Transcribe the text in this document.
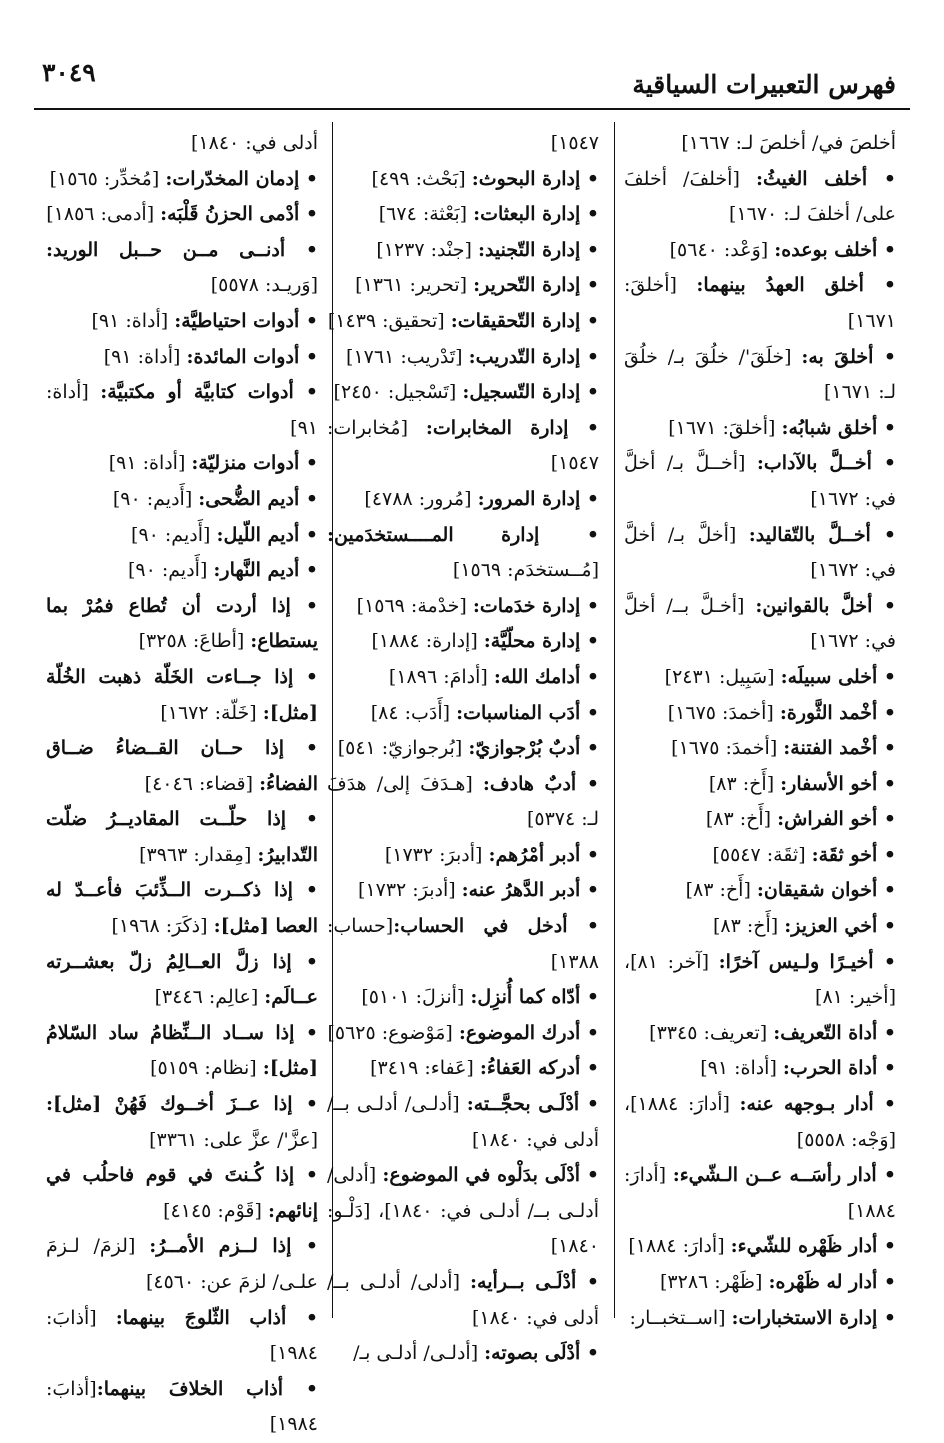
فهرس التعبيرات السياقية
٣٠٤٩

أخلصَ في/ أخلصَ لـ: ١٦٦٧]

• أخلف الغيثُ: [أخلفَ/ أخلفَ على/ أخلفَ لـ: ١٦٧٠]

• أخلف بوعده: [وَعْد: ٥٦٤٠]

• أخلق العهدُ بينهما: [أخلقَ: ١٦٧١]

• أخلقَ به: [خلَقَ'/ خلُقَ بـ/ خلُقَ لـ: ١٦٧١]

• أخلق شبابُه: [أخلقَ: ١٦٧١]

• أخــلَّ بالآداب: [أخــلَّ بـ/ أخلَّ في: ١٦٧٢]

• أخــلَّ بالتّقاليد: [أخلَّ بـ/ أخلَّ في: ١٦٧٢]

• أخلَّ بالقوانين: [أخـلَّ بــ/ أخلَّ في: ١٦٧٢]

• أخلى سبيلَه: [سَبِيل: ٢٤٣١]

• أخْمد الثَّورة: [أخمدَ: ١٦٧٥]

• أخْمد الفتنة: [أخمدَ: ١٦٧٥]

• أخو الأسفار: [أَخ: ٨٣]

• أخو الفراش: [أَخ: ٨٣]

• أخو ثقَة: [ثقَة: ٥٥٤٧]

• أخوان شقيقان: [أَخ: ٨٣]

• أخي العزيز: [أَخ: ٨٣]

• أخيـرًا ولـيس آخرًا: [آخر: ٨١]، [أخير: ٨١]

• أداة التّعريف: [تعريف: ٣٣٤٥]

• أداة الحرب: [أداة: ٩١]

• أدار بـوجهه عنه: [أدارَ: ١٨٨٤]، [وَجْه: ٥٥٥٨]

• أدار رأسَــه عــن الـشّيء: [أدارَ: ١٨٨٤]

• أدار ظَهْره للشّيء: [أدارَ: ١٨٨٤]

• أدار له ظَهْره: [ظَهْر: ٣٢٨٦]

• إدارة الاستخبارات: [اســتخبــار:

١٥٤٧]

• إدارة البحوث: [بَحْث: ٤٩٩]

• إدارة البعثات: [بَعْثة: ٦٧٤]

• إدارة التّجنيد: [جنْد: ١٢٣٧]

• إدارة التّحرير: [تحرير: ١٣٦١]

• إدارة التّحقيقات: [تحقيق: ١٤٣٩]

• إدارة التّدريب: [تَدْريب: ١٧٦١]

• إدارة التّسجيل: [تَسْجيل: ٢٤٥٠]

• إدارة المخابرات: [مُخابرات: ١٥٤٧]

• إدارة المرور: [مُرور: ٤٧٨٨]

• إدارة المــــستخدَمين: [مُــستخدَم: ١٥٦٩]

• إدارة خدَمات: [خدْمة: ١٥٦٩]

• إدارة محلّيَّة: [إدارة: ١٨٨٤]

• أدامك الله: [أدامَ: ١٨٩٦]

• أدَب المناسبات: [أَدَب: ٨٤]

• أدبٌ بُرْجوازيّ: [بُرجوازيّ: ٥٤١]

• أدبٌ هادف: [هـدَفَ إلى/ هدَفَ لـ: ٥٣٧٤]

• أدبر أمْرُهم: [أدبرَ: ١٧٣٢]

• أدبر الدَّهرُ عنه: [أدبرَ: ١٧٣٢]

• أدخل في الحساب:[حساب: ١٣٨٨]

• أدّاه كما أُنزِل: [أنزلَ: ٥١٠١]

• أدرك الموضوع: [مَوْضوع: ٥٦٢٥]

• أدركه العَفاءُ: [عَفاء: ٣٤١٩]

• أدْلَـى بحجَّــته: [أدلـى/ أدلـى بــ/ أدلى في: ١٨٤٠]

• أدْلَى بدَلْوه في الموضوع: [أدلى/ أدلـى بــ/ أدلـى في: ١٨٤٠]، [دَلْـو: ١٨٤٠]

• أدْلَـى بــرأيه: [أدلى/ أدلـى بــ/ أدلى في: ١٨٤٠]

• أدْلَى بصوته: [أدلـى/ أدلـى بـ/

أدلى في: ١٨٤٠]

• إدمان المخدّرات: [مُخدِّر: ١٥٦٥]

• أدْمى الحزنُ قَلْبَه: [أدمى: ١٨٥٦]

• أدنــى مــن حــبل الوريد: [وَريـد: ٥٥٧٨]

• أدوات احتياطيَّة: [أداة: ٩١]

• أدوات المائدة: [أداة: ٩١]

• أدوات كتابيَّة أو مكتبيَّة: [أداة: ٩١]

• أدوات منزليّة: [أداة: ٩١]

• أديم الضُّحى: [أَديم: ٩٠]

• أديم اللّيل: [أَديم: ٩٠]

• أديم النَّهار: [أَديم: ٩٠]

• إذا أردت أن تُطاع فمُرْ بما يستطاع: [أطاعَ: ٣٢٥٨]

• إذا جــاءت الخَلّة ذهبت الخُلّة [مثل]: [خَلّة: ١٦٧٢]

• إذا حــان القــضاءُ ضــاق الفضاءُ: [قضاء: ٤٠٤٦]

• إذا حلّــت المقاديــرُ ضلّت التّدابيرُ: [مِقدار: ٣٩٦٣]

• إذا ذكــرت الــذِّئبَ فأعــدّ له العصا [مثل]: [ذكَرَ: ١٩٦٨]

• إذا زلَّ العــالِمُ زلّ بعشــرته عــالَم: [عالِم: ٣٤٤٦]

• إذا ســاد الــنِّظامُ ساد السّلامُ [مثل]: [نظام: ٥١٥٩]

• إذا عــزَ أخــوك فَهُنْ [مثل]: [عزَّ'/ عزَّ على: ٣٣٦١]

• إذا كُـنتَ في قوم فاحلُب في إنائهم: [قَوْم: ٤١٤٥]

• إذا لــزم الأمــرُ: [لزمَ/ لـزمَ علـى/ لزمَ عن: ٤٥٦٠]

• أذاب الثّلوجَ بينهما: [أذابَ: ١٩٨٤]

• أذاب الخلافَ بينهما:[أذابَ: ١٩٨٤]
